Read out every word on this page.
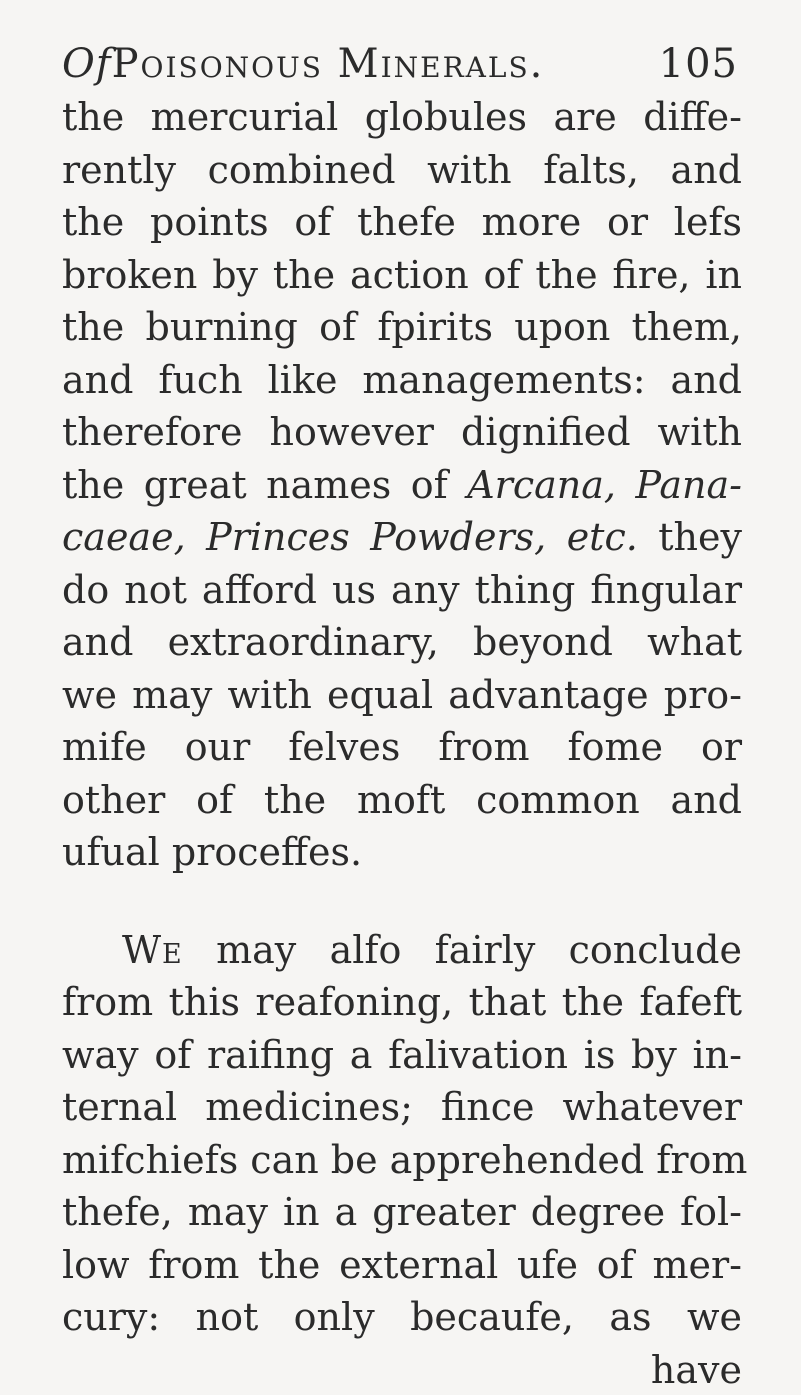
OfPoisonous Minerals.	105
the mercurial globules are diffe-
rently combined with falts, and
the points of thefe more or lefs
broken by the action of the fire, in
the burning of fpirits upon them,
and fuch like managements: and
therefore however dignified with
the great names of Arcana, Pana-
caeae, Princes Powders, etc. they
do not afford us any thing fingular
and extraordinary, beyond what
we may with equal advantage pro-
mife our felves from fome or
other of the moft common and
ufual proceffes.
We may alfo fairly conclude
from this reafoning, that the fafeft
way of raifing a falivation is by in-
ternal medicines; fince whatever
mifchiefs can be apprehended from
thefe, may in a greater degree fol-
low from the external ufe of mer-
cury: not only becaufe, as we
have
